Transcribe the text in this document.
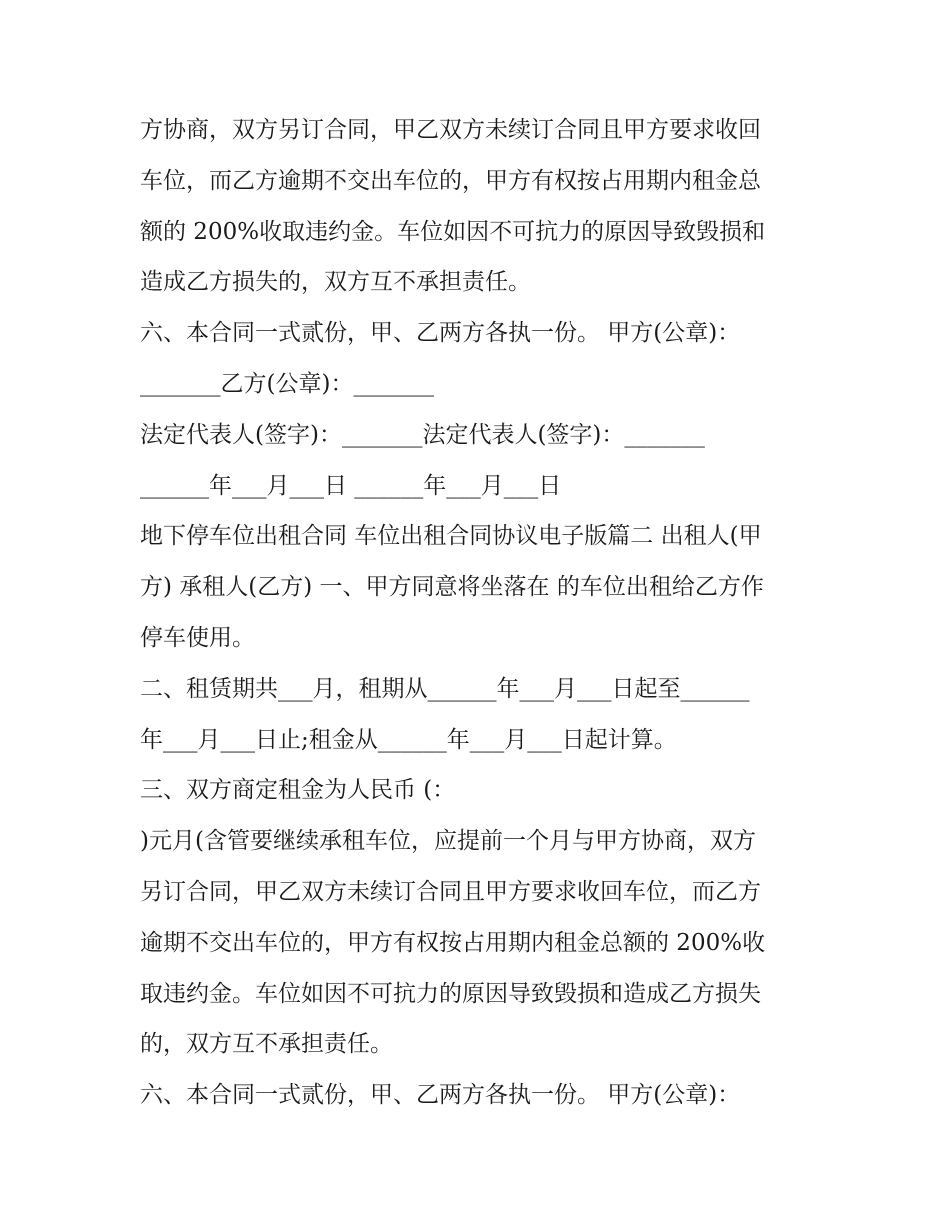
方协商，双方另订合同，甲乙双方未续订合同且甲方要求收回
车位，而乙方逾期不交出车位的，甲方有权按占用期内租金总
额的 200%收取违约金。车位如因不可抗力的原因导致毁损和
造成乙方损失的，双方互不承担责任。
六、本合同一式贰份，甲、乙两方各执一份。 甲方(公章)：
_______乙方(公章)：_______
法定代表人(签字)：_______法定代表人(签字)：_______
______年___月___日 ______年___月___日
地下停车位出租合同 车位出租合同协议电子版篇二 出租人(甲
方) 承租人(乙方) 一、甲方同意将坐落在 的车位出租给乙方作
停车使用。
二、租赁期共___月，租期从______年___月___日起至______
年___月___日止;租金从______年___月___日起计算。
三、双方商定租金为人民币 (：
)元月(含管要继续承租车位，应提前一个月与甲方协商，双方
另订合同，甲乙双方未续订合同且甲方要求收回车位，而乙方
逾期不交出车位的，甲方有权按占用期内租金总额的 200%收
取违约金。车位如因不可抗力的原因导致毁损和造成乙方损失
的，双方互不承担责任。
六、本合同一式贰份，甲、乙两方各执一份。 甲方(公章)：
